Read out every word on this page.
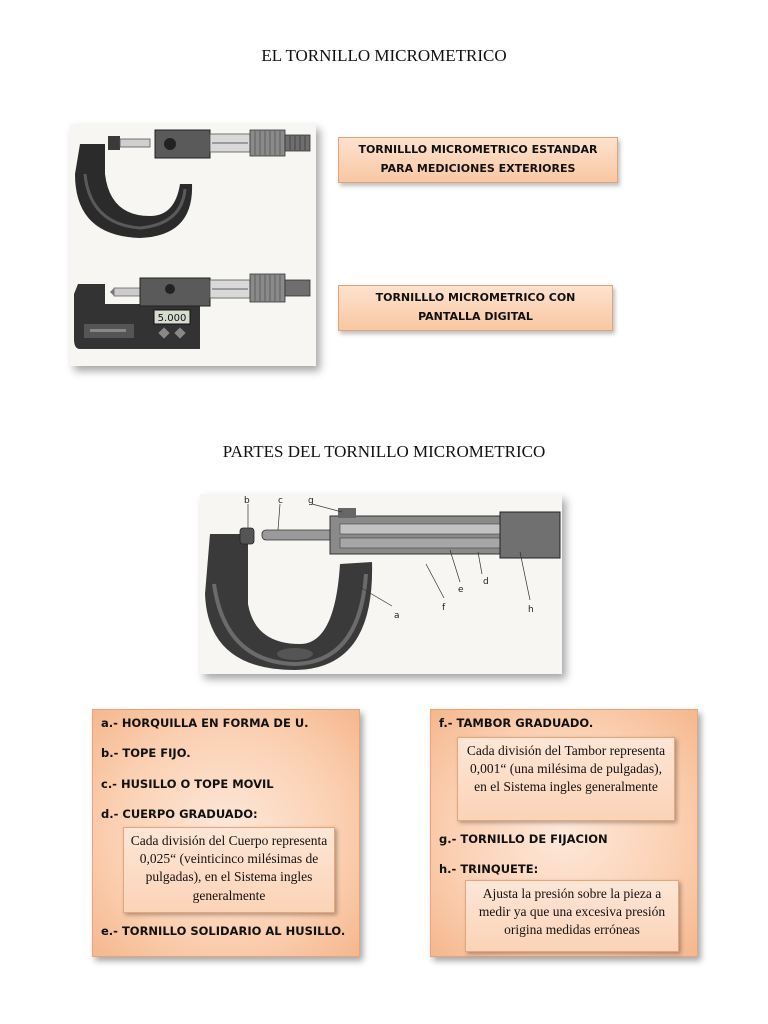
EL TORNILLO MICROMETRICO
5.000
TORNILLLO MICROMETRICO ESTANDAR PARA MEDICIONES EXTERIORES
TORNILLLO MICROMETRICO CON PANTALLA DIGITAL
PARTES DEL TORNILLO MICROMETRICO
b	c	g
a
f
e
d
h
a.- HORQUILLA EN FORMA DE U.
b.- TOPE FIJO.
c.- HUSILLO O TOPE MOVIL
d.- CUERPO GRADUADO:
Cada división del Cuerpo representa 0,025“ (veinticinco milésimas de pulgadas), en el Sistema ingles generalmente
e.- TORNILLO SOLIDARIO AL HUSILLO.
f.- TAMBOR GRADUADO.
Cada división del Tambor representa 0,001“ (una milésima de pulgadas), en el Sistema ingles generalmente
g.- TORNILLO DE FIJACION
h.- TRINQUETE:
Ajusta la presión sobre la pieza a medir ya que una excesiva presión origina medidas erróneas
